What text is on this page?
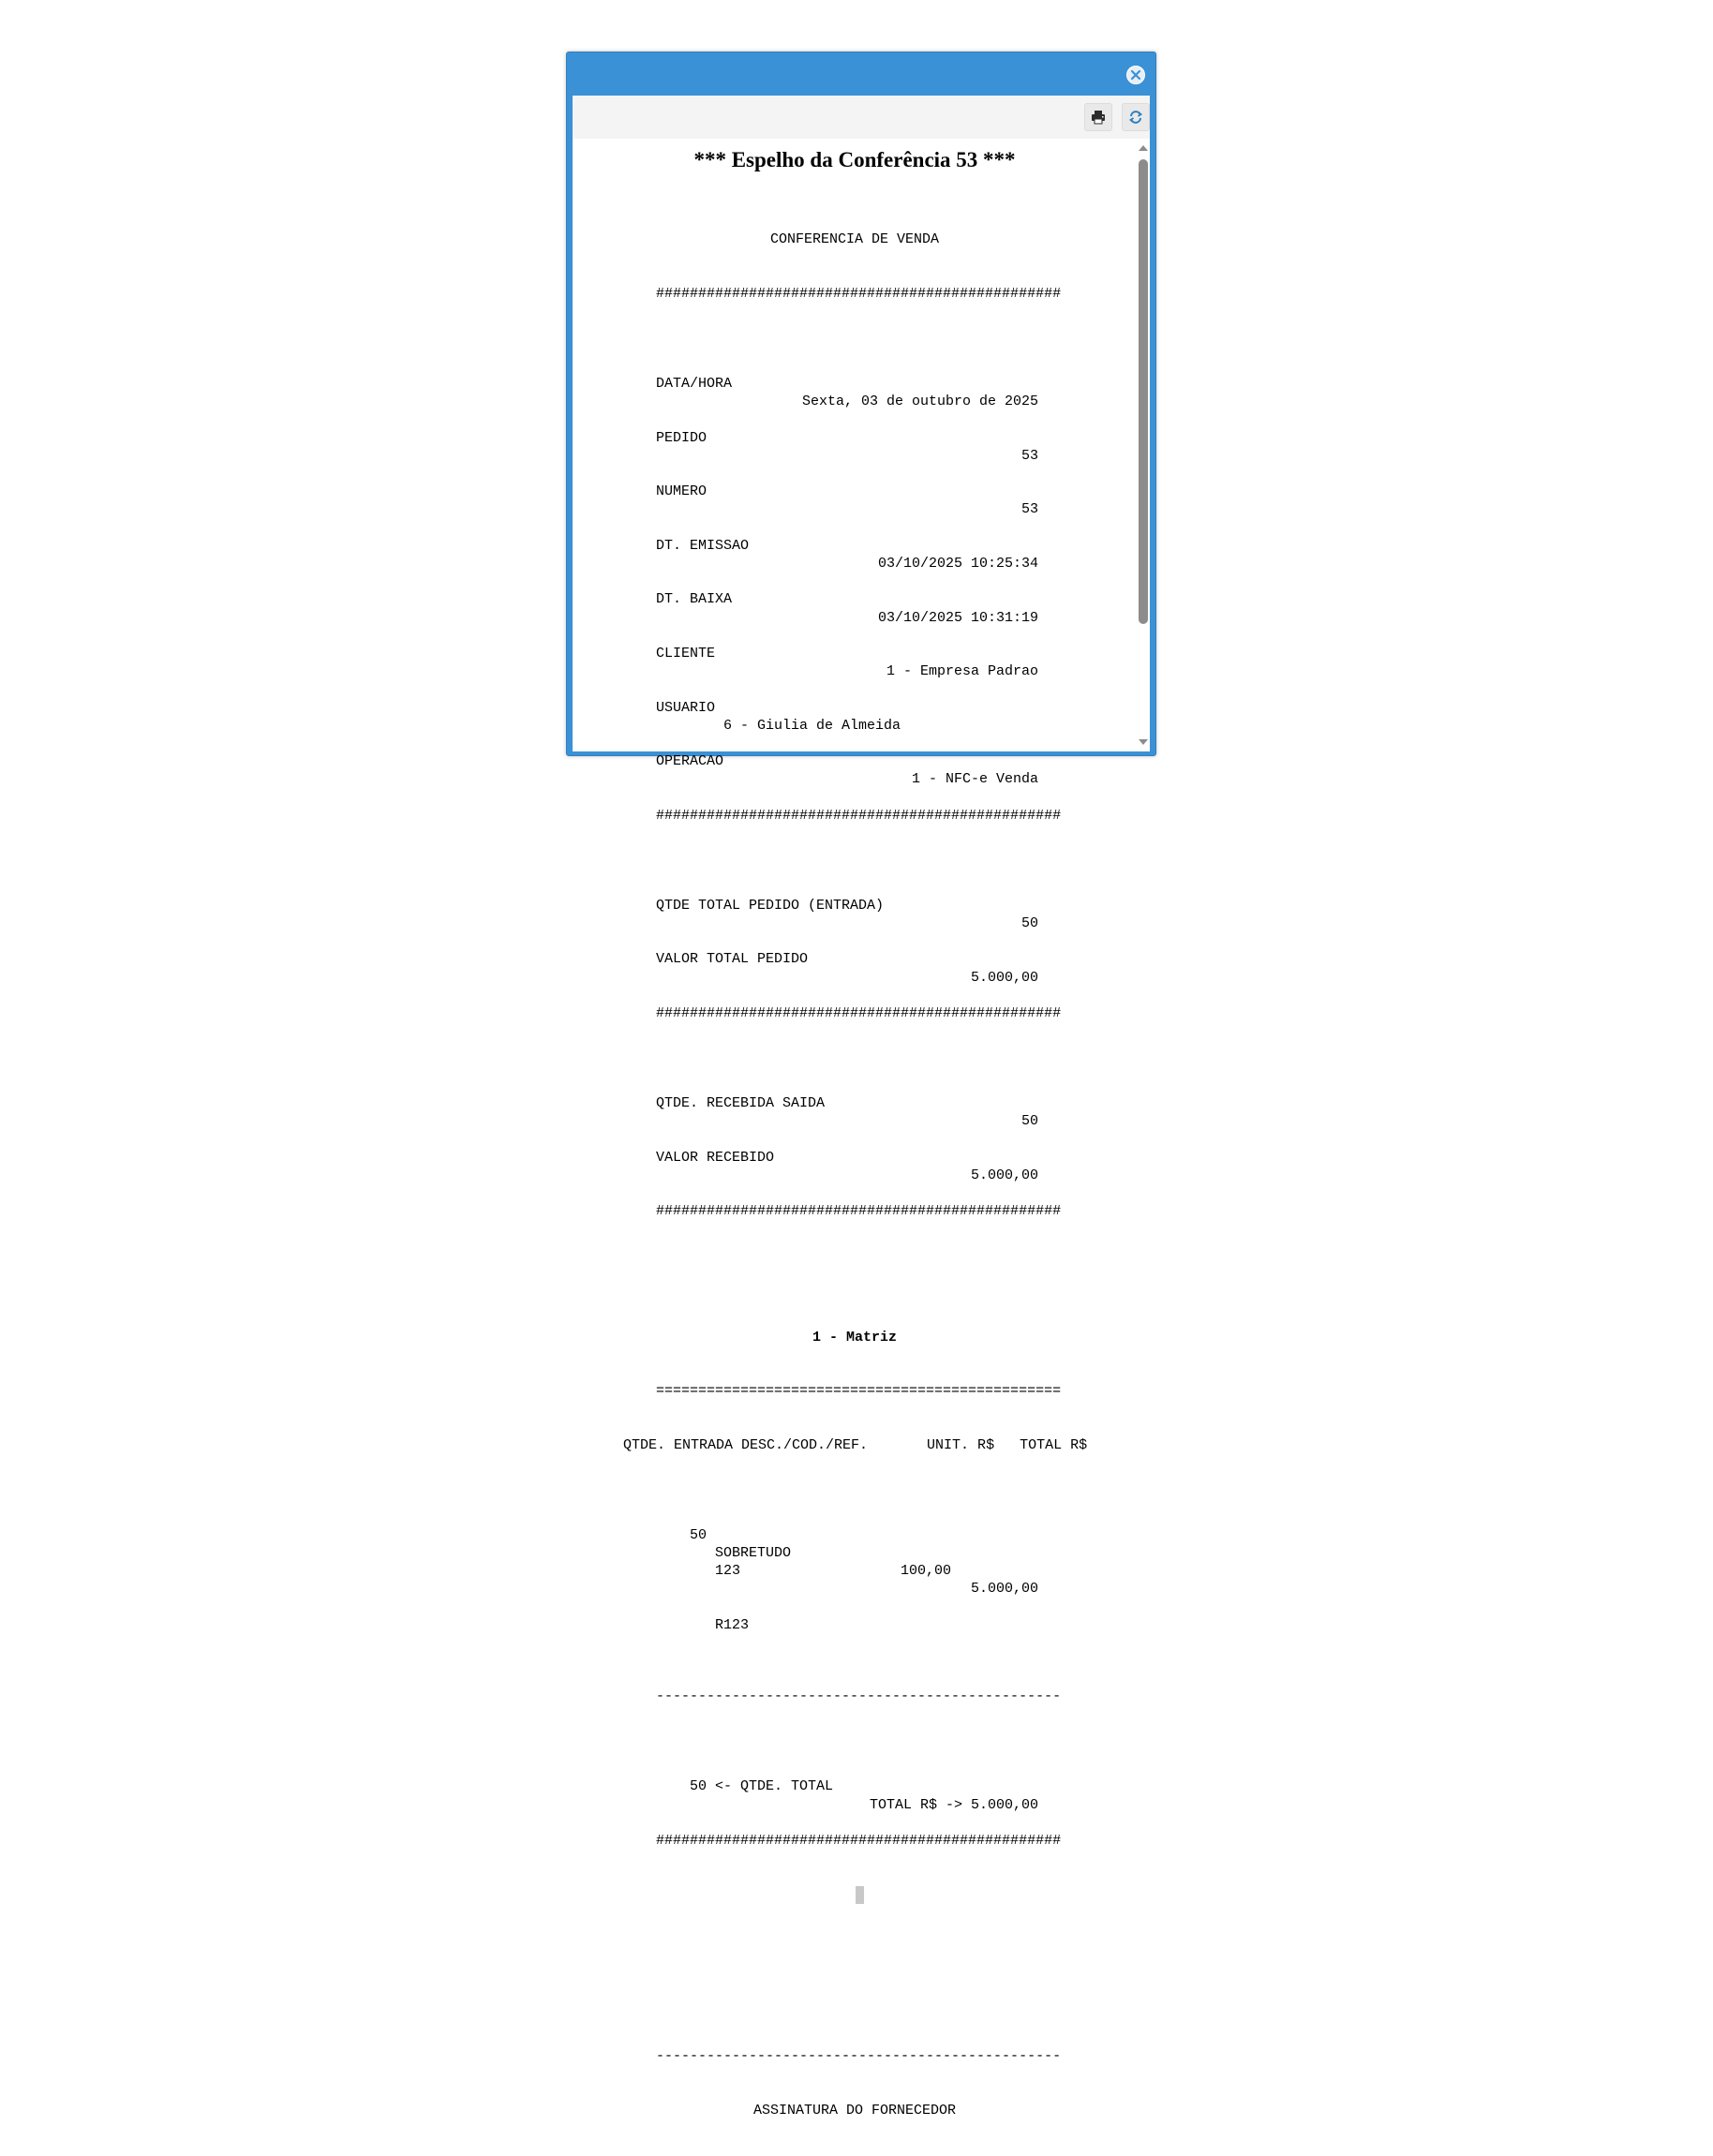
*** Espelho da Conferência 53 ***

CONFERENCIA DE VENDA

################################################

DATA/HORA

Sexta, 03 de outubro de 2025

PEDIDO

53

NUMERO

53

DT. EMISSAO

03/10/2025 10:25:34

DT. BAIXA

03/10/2025 10:31:19

CLIENTE

1 - Empresa Padrao

USUARIO

6 - Giulia de Almeida

OPERACAO

1 - NFC-e Venda

################################################

QTDE TOTAL PEDIDO (ENTRADA)

50

VALOR TOTAL PEDIDO

5.000,00

################################################

QTDE. RECEBIDA SAIDA

50

VALOR RECEBIDO

5.000,00

################################################

1 - Matriz

================================================

QTDE. ENTRADA DESC./COD./REF.       UNIT. R$   TOTAL R$

50

SOBRETUDO

100,00

5.000,00

123

R123

------------------------------------------------

50 <- QTDE. TOTAL

TOTAL R$ -> 5.000,00

################################################

------------------------------------------------

ASSINATURA DO FORNECEDOR
